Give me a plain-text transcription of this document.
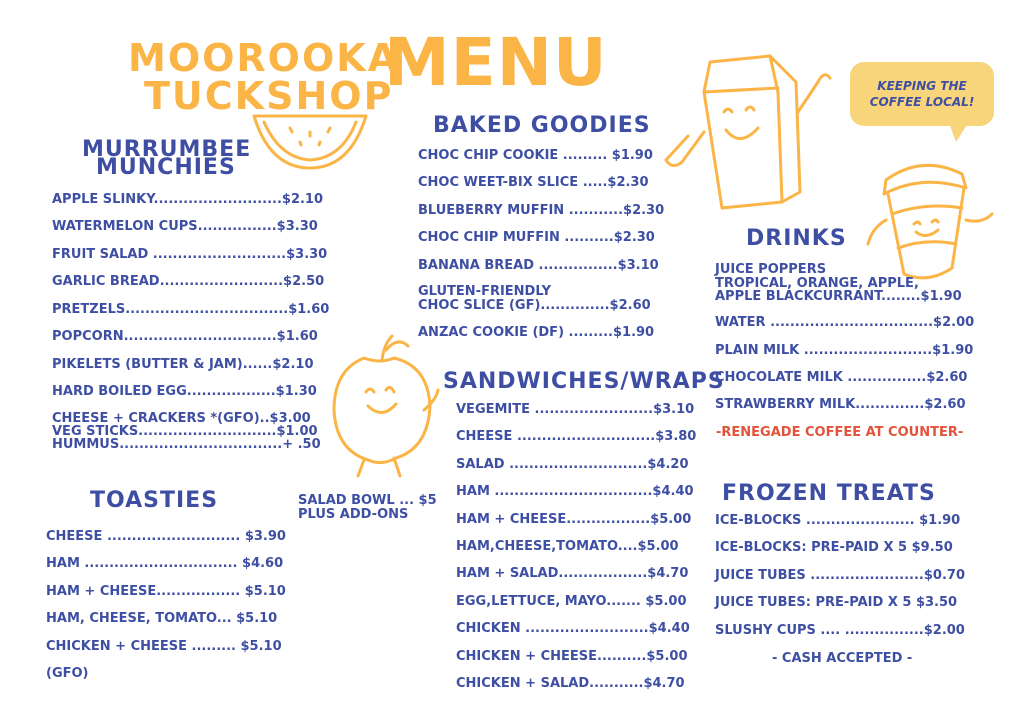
MOOROOKA
TUCKSHOP
MENU	KEEPING THE
COFFEE LOCAL!
MURRUMBEE
MUNCHIES
APPLE SLINKY..........................$2.10
WATERMELON CUPS................$3.30
FRUIT SALAD ...........................$3.30
GARLIC BREAD.........................$2.50
PRETZELS.................................$1.60
POPCORN...............................$1.60
PIKELETS (BUTTER & JAM)......$2.10
HARD BOILED EGG..................$1.30
CHEESE + CRACKERS *(GFO)..$3.00
VEG STICKS............................$1.00
HUMMUS.................................+ .50
TOASTIES
CHEESE ........................... $3.90
HAM ............................... $4.60
HAM + CHEESE................. $5.10
HAM, CHEESE, TOMATO... $5.10
CHICKEN + CHEESE ......... $5.10
(GFO)
SALAD BOWL ... $5
PLUS ADD-ONS
BAKED GOODIES
CHOC CHIP COOKIE ......... $1.90
CHOC WEET-BIX SLICE .....$2.30
BLUEBERRY MUFFIN ...........$2.30
CHOC CHIP MUFFIN ..........$2.30
BANANA BREAD ................$3.10
GLUTEN-FRIENDLY
CHOC SLICE (GF)..............$2.60
ANZAC COOKIE (DF) .........$1.90
SANDWICHES/WRAPS
VEGEMITE ........................$3.10
CHEESE ............................$3.80
SALAD ............................$4.20
HAM ................................$4.40
HAM + CHEESE.................$5.00
HAM,CHEESE,TOMATO....$5.00
HAM + SALAD..................$4.70
EGG,LETTUCE, MAYO....... $5.00
CHICKEN .........................$4.40
CHICKEN + CHEESE..........$5.00
CHICKEN + SALAD...........$4.70
DRINKS
JUICE POPPERS
TROPICAL, ORANGE, APPLE,
APPLE BLACKCURRANT........$1.90
WATER .................................$2.00
PLAIN MILK ..........................$1.90
CHOCOLATE MILK ................$2.60
STRAWBERRY MILK..............$2.60
-RENEGADE COFFEE AT COUNTER-
FROZEN TREATS
ICE-BLOCKS ...................... $1.90
ICE-BLOCKS: PRE-PAID X 5 $9.50
JUICE TUBES .......................$0.70
JUICE TUBES: PRE-PAID X 5 $3.50
SLUSHY CUPS .... ................$2.00
- CASH ACCEPTED -
